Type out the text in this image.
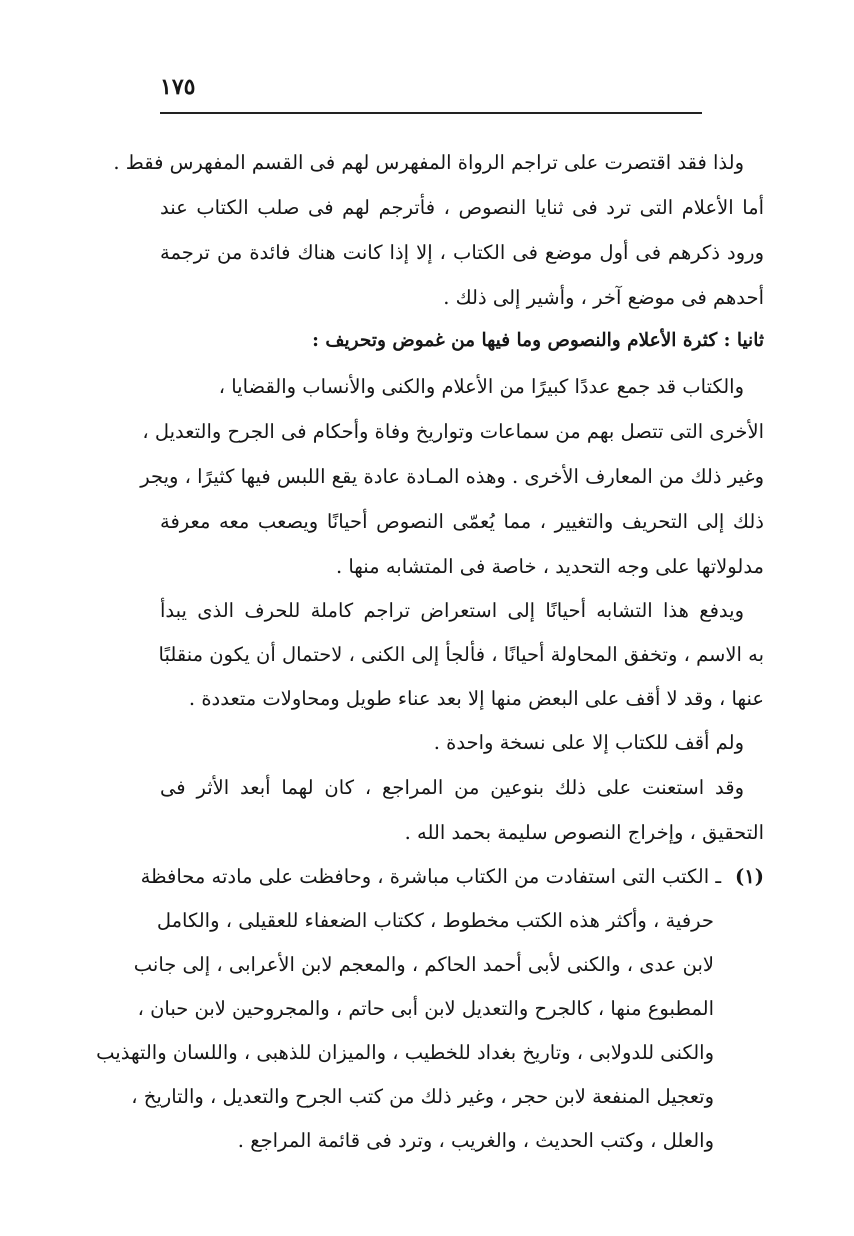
١٧٥
ولذا فقد اقتصرت على تراجم الرواة المفهرس لهم فى القسم المفهرس فقط .
أما الأعلام التى ترد فى ثنايا النصوص ، فأترجم لهم فى صلب الكتاب عند
ورود ذكرهم فى أول موضع فى الكتاب ، إلا إذا كانت هناك فائدة من ترجمة
أحدهم فى موضع آخر ، وأشير إلى ذلك .
ثانيا : كثرة الأعلام والنصوص وما فيها من غموض وتحريف :
والكتاب قد جمع عددًا كبيرًا من الأعلام والكنى والأنساب والقضايا ،
الأخرى التى تتصل بهم من سماعات وتواريخ وفاة وأحكام فى الجرح والتعديل ،
وغير ذلك من المعارف الأخرى . وهذه المـادة عادة يقع اللبس فيها كثيرًا ، ويجر
ذلك إلى التحريف والتغيير ، مما يُعمّى النصوص أحيانًا ويصعب معه معرفة
مدلولاتها على وجه التحديد ، خاصة فى المتشابه منها .
ويدفع هذا التشابه أحيانًا إلى استعراض تراجم كاملة للحرف الذى يبدأ
به الاسم ، وتخفق المحاولة أحيانًا ، فألجأ إلى الكنى ، لاحتمال أن يكون منقلبًا
عنها ، وقد لا أقف على البعض منها إلا بعد عناء طويل ومحاولات متعددة .
ولم أقف للكتاب إلا على نسخة واحدة .
وقد استعنت على ذلك بنوعين من المراجع ، كان لهما أبعد الأثر فى
التحقيق ، وإخراج النصوص سليمة بحمد الله .
(١)ـ الكتب التى استفادت من الكتاب مباشرة ، وحافظت على مادته محافظة
حرفية ، وأكثر هذه الكتب مخطوط ، ككتاب الضعفاء للعقيلى ، والكامل
لابن عدى ، والكنى لأبى أحمد الحاكم ، والمعجم لابن الأعرابى ، إلى جانب
المطبوع منها ، كالجرح والتعديل لابن أبى حاتم ، والمجروحين لابن حبان ،
والكنى للدولابى ، وتاريخ بغداد للخطيب ، والميزان للذهبى ، واللسان والتهذيب
وتعجيل المنفعة لابن حجر ، وغير ذلك من كتب الجرح والتعديل ، والتاريخ ،
والعلل ، وكتب الحديث ، والغريب ، وترد فى قائمة المراجع .
